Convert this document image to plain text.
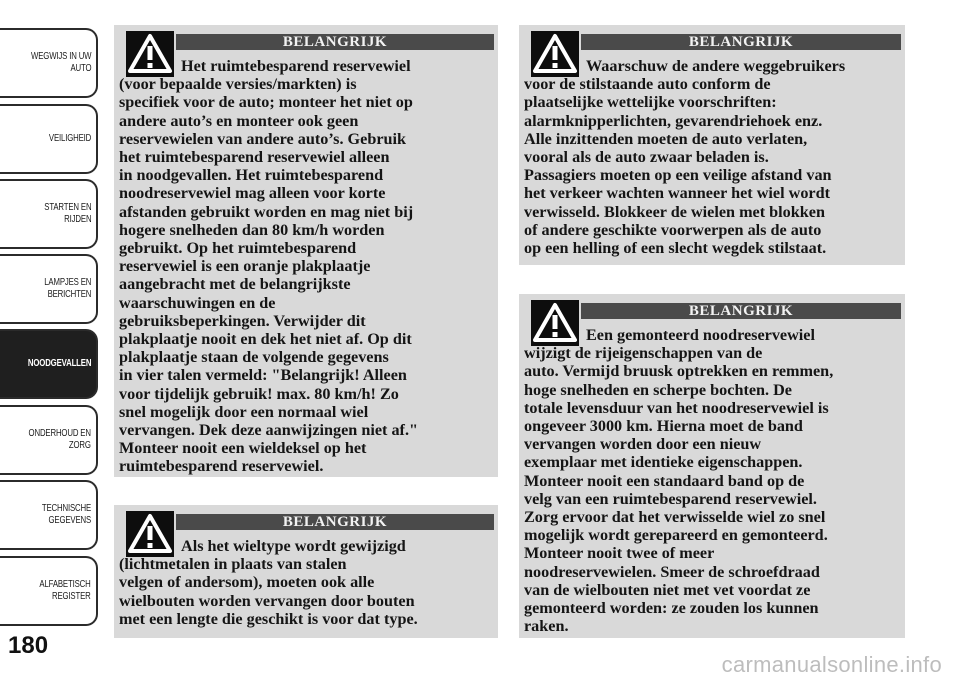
WEGWIJS IN UW
AUTO
VEILIGHEID
STARTEN EN
RIJDEN
LAMPJES EN
BERICHTEN
NOODGEVALLEN
ONDERHOUD EN
ZORG
TECHNISCHE
GEGEVENS
ALFABETISCH
REGISTER
180
BELANGRIJK

Het ruimtebesparend reservewiel
(voor bepaalde versies/markten) is
specifiek voor de auto; monteer het niet op
andere auto’s en monteer ook geen
reservewielen van andere auto’s. Gebruik
het ruimtebesparend reservewiel alleen
in noodgevallen. Het ruimtebesparend
noodreservewiel mag alleen voor korte
afstanden gebruikt worden en mag niet bij
hogere snelheden dan 80 km/h worden
gebruikt. Op het ruimtebesparend
reservewiel is een oranje plakplaatje
aangebracht met de belangrijkste
waarschuwingen en de
gebruiksbeperkingen. Verwijder dit
plakplaatje nooit en dek het niet af. Op dit
plakplaatje staan de volgende gegevens
in vier talen vermeld: "Belangrijk! Alleen
voor tijdelijk gebruik! max. 80 km/h! Zo
snel mogelijk door een normaal wiel
vervangen. Dek deze aanwijzingen niet af."
Monteer nooit een wieldeksel op het
ruimtebesparend reservewiel.

BELANGRIJK

Als het wieltype wordt gewijzigd
(lichtmetalen in plaats van stalen
velgen of andersom), moeten ook alle
wielbouten worden vervangen door bouten
met een lengte die geschikt is voor dat type.

BELANGRIJK

Waarschuw de andere weggebruikers
voor de stilstaande auto conform de
plaatselijke wettelijke voorschriften:
alarmknipperlichten, gevarendriehoek enz.
Alle inzittenden moeten de auto verlaten,
vooral als de auto zwaar beladen is.
Passagiers moeten op een veilige afstand van
het verkeer wachten wanneer het wiel wordt
verwisseld. Blokkeer de wielen met blokken
of andere geschikte voorwerpen als de auto
op een helling of een slecht wegdek stilstaat.

BELANGRIJK

Een gemonteerd noodreservewiel
wijzigt de rijeigenschappen van de
auto. Vermijd bruusk optrekken en remmen,
hoge snelheden en scherpe bochten. De
totale levensduur van het noodreservewiel is
ongeveer 3000 km. Hierna moet de band
vervangen worden door een nieuw
exemplaar met identieke eigenschappen.
Monteer nooit een standaard band op de
velg van een ruimtebesparend reservewiel.
Zorg ervoor dat het verwisselde wiel zo snel
mogelijk wordt gerepareerd en gemonteerd.
Monteer nooit twee of meer
noodreservewielen. Smeer de schroefdraad
van de wielbouten niet met vet voordat ze
gemonteerd worden: ze zouden los kunnen
raken.

carmanualsonline.info
